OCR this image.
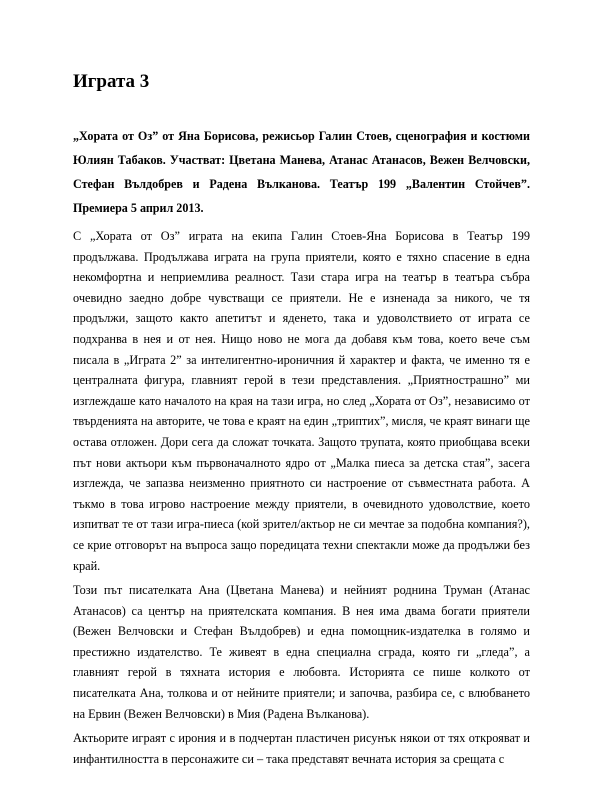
Играта 3

„Хората от Оз” от Яна Борисова, режисьор Галин Стоев, сценография и костюми Юлиян Табаков. Участват: Цветана Манева, Атанас Атанасов, Вежен Велчовски, Стефан Вълдобрев и Радена Вълканова. Театър 199 „Валентин Стойчев”. Премиера 5 април 2013.

С „Хората от Оз” играта на екипа Галин Стоев-Яна Борисова в Театър 199 продължава. Продължава играта на група приятели, която е тяхно спасение в една некомфортна и неприемлива реалност. Тази стара игра на театър в театъра събра очевидно заедно добре чувстващи се приятели. Не е изненада за никого, че тя продължи, защото както апетитът и яденето, така и удоволствието от играта се подхранва в нея и от нея. Нищо ново не мога да добавя към това, което вече съм писала в „Играта 2” за интелигентно-ироничния й характер и факта, че именно тя е централната фигура, главният герой в тези представления. „Приятнострашно” ми изглеждаше като началото на края на тази игра, но след „Хората от Оз”, независимо от твърденията на авторите, че това е краят на един „триптих”, мисля, че краят винаги ще остава отложен. Дори сега да сложат точката. Защото трупата, която приобщава всеки път нови актьори към първоначалното ядро от „Малка пиеса за детска стая”, засега изглежда, че запазва неизменно приятното си настроение от съвместната работа. А тъкмо в това игрово настроение между приятели, в очевидното удоволствие, което изпитват те от тази игра-пиеса (кой зрител/актьор не си мечтае за подобна компания?), се крие отговорът на въпроса защо поредицата техни спектакли може да продължи без край.

Този път писателката Ана (Цветана Манева) и нейният роднина Труман (Атанас Атанасов) са център на приятелската компания. В нея има двама богати приятели (Вежен Велчовски и Стефан Вълдобрев) и една помощник-издателка в голямо и престижно издателство. Те живеят в една специална сграда, която ги „гледа”, а главният герой в тяхната история е любовта. Историята се пише колкото от писателката Ана, толкова и от нейните приятели; и започва, разбира се, с влюбването на Ервин (Вежен Велчовски) в Мия (Радена Вълканова).

Актьорите играят с ирония и в подчертан пластичен рисунък някои от тях открояват и инфантилността в персонажите си – така представят вечната история за срещата с
